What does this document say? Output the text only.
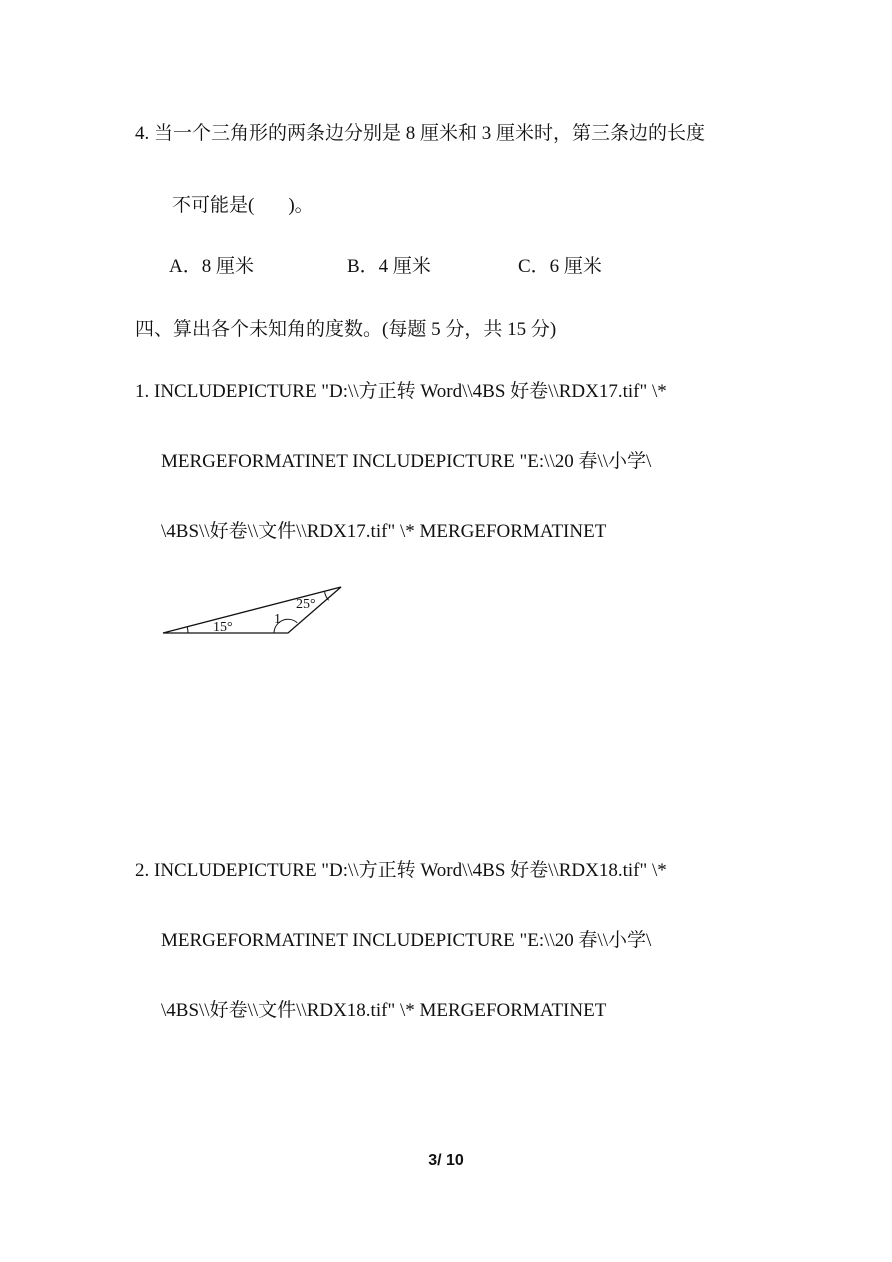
4. 当一个三角形的两条边分别是 8 厘米和 3 厘米时，第三条边的长度
不可能是( )。
A．8 厘米	B．4 厘米	C．6 厘米
四、算出各个未知角的度数。(每题 5 分，共 15 分)
1. INCLUDEPICTURE "D:\\方正转 Word\\4BS 好卷\\RDX17.tif" \*
MERGEFORMATINET INCLUDEPICTURE "E:\\20 春\\小学\
\4BS\\好卷\\文件\\RDX17.tif" \* MERGEFORMATINET
15°
1
25°
2. INCLUDEPICTURE "D:\\方正转 Word\\4BS 好卷\\RDX18.tif" \*
MERGEFORMATINET INCLUDEPICTURE "E:\\20 春\\小学\
\4BS\\好卷\\文件\\RDX18.tif" \* MERGEFORMATINET
3/ 10
